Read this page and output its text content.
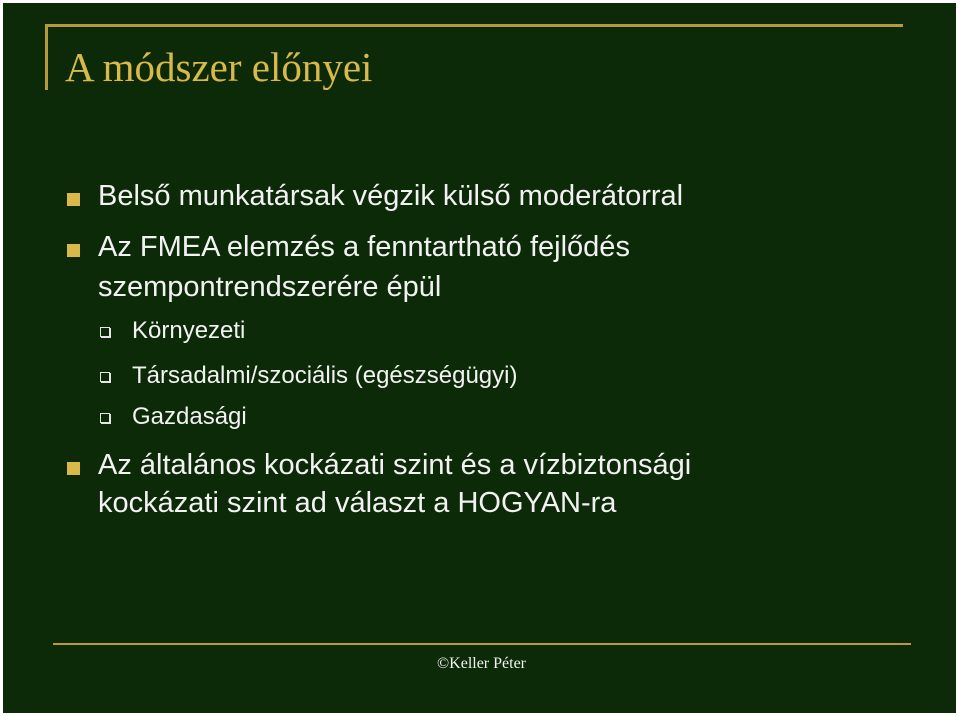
A módszer előnyei
Belső munkatársak végzik külső moderátorral
Az FMEA elemzés a fenntartható fejlődés
szempontrendszerére épül
Környezeti
Társadalmi/szociális (egészségügyi)
Gazdasági
Az általános kockázati szint és a vízbiztonsági
kockázati szint ad választ a HOGYAN-ra
©Keller Péter
